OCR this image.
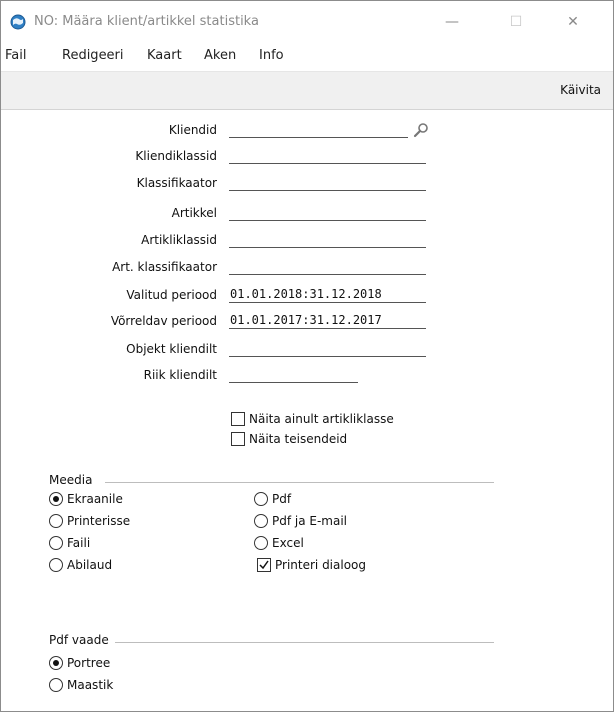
NO: Määra klient/artikkel statistika	—	☐	✕
Fail	Redigeeri Kaart Aken Info
Käivita
Kliendid
Kliendiklassid
Klassifikaator
Artikkel
Artikliklassid
Art. klassifikaator
Valitud periood 01.01.2018:31.12.2018
Võrreldav periood 01.01.2017:31.12.2017
Objekt kliendilt
Riik kliendilt
Näita ainult artikliklasse
Näita teisendeid
Meedia
Ekraanile
Printerisse
Faili
Abilaud
Pdf
Pdf ja E-mail
Excel
Printeri dialoog
Pdf vaade
Portree
Maastik
